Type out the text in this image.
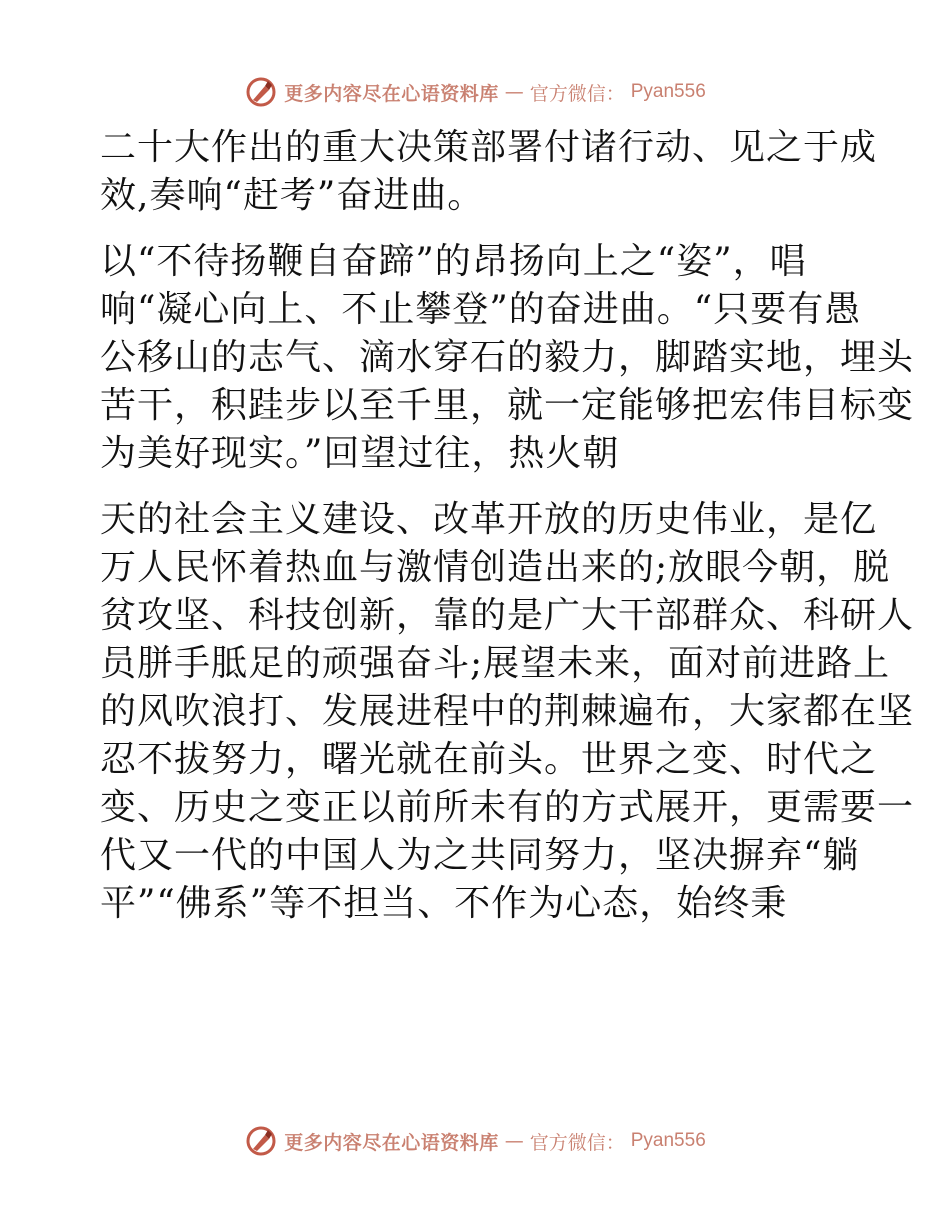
更多内容尽在心语资料库 — 官方微信： Pyan556

二十大作出的重大决策部署付诸行动、见之于成
效,奏响“赶考”奋进曲。

以“不待扬鞭自奋蹄”的昂扬向上之“姿”，唱
响“凝心向上、不止攀登”的奋进曲。“只要有愚
公移山的志气、滴水穿石的毅力，脚踏实地，埋头
苦干，积跬步以至千里，就一定能够把宏伟目标变
为美好现实。”回望过往，热火朝

天的社会主义建设、改革开放的历史伟业，是亿
万人民怀着热血与激情创造出来的;放眼今朝，脱
贫攻坚、科技创新，靠的是广大干部群众、科研人
员胼手胝足的顽强奋斗;展望未来，面对前进路上
的风吹浪打、发展进程中的荆棘遍布，大家都在坚
忍不拔努力，曙光就在前头。世界之变、时代之
变、历史之变正以前所未有的方式展开，更需要一
代又一代的中国人为之共同努力，坚决摒弃“躺
平”“佛系”等不担当、不作为心态，始终秉

更多内容尽在心语资料库 — 官方微信： Pyan556
